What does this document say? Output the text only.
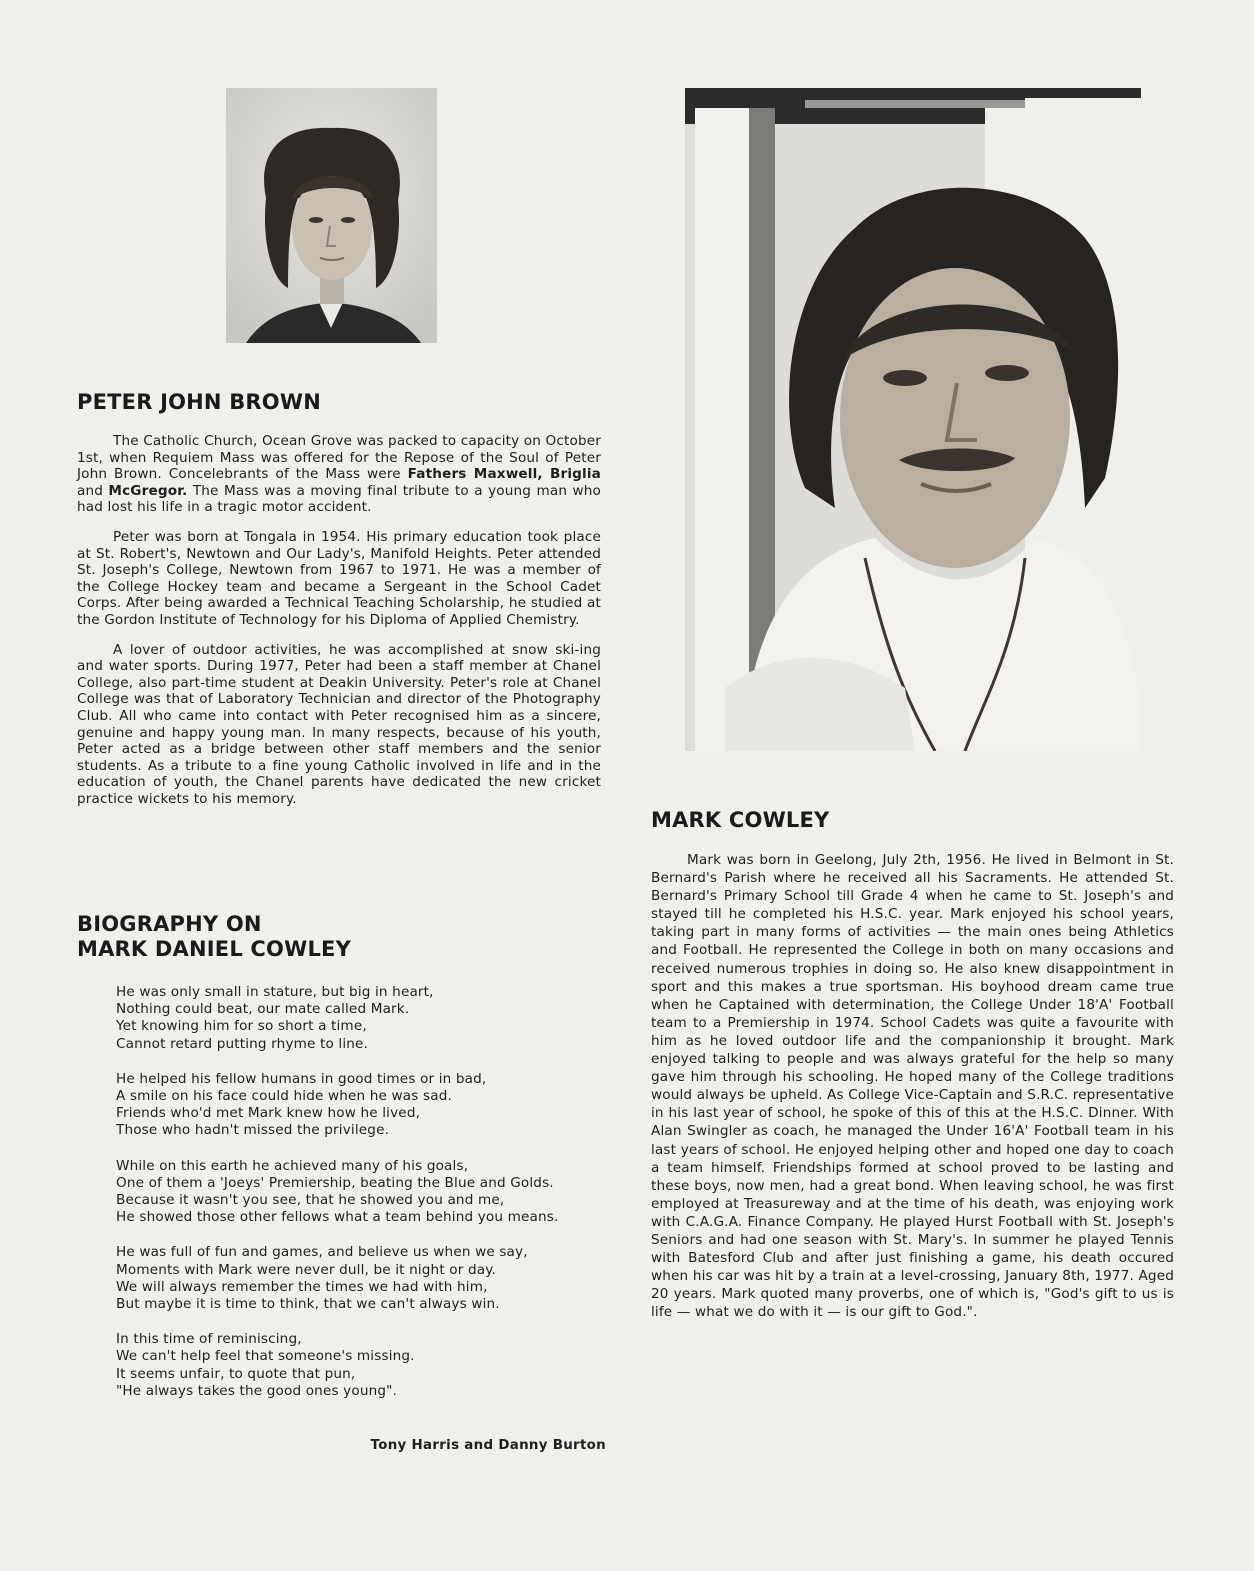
PETER JOHN BROWN

The Catholic Church, Ocean Grove was packed to capacity on October 1st, when Requiem Mass was offered for the Repose of the Soul of Peter John Brown. Concelebrants of the Mass were Fathers Maxwell, Briglia and McGregor. The Mass was a moving final tribute to a young man who had lost his life in a tragic motor accident.

Peter was born at Tongala in 1954. His primary education took place at St. Robert's, Newtown and Our Lady's, Manifold Heights. Peter attended St. Joseph's College, Newtown from 1967 to 1971. He was a member of the College Hockey team and became a Sergeant in the School Cadet Corps. After being awarded a Technical Teaching Scholarship, he studied at the Gordon Institute of Technology for his Diploma of Applied Chemistry.

A lover of outdoor activities, he was accomplished at snow ski-ing and water sports. During 1977, Peter had been a staff member at Chanel College, also part-time student at Deakin University. Peter's role at Chanel College was that of Laboratory Technician and director of the Photography Club. All who came into contact with Peter recognised him as a sincere, genuine and happy young man. In many respects, because of his youth, Peter acted as a bridge between other staff members and the senior students. As a tribute to a fine young Catholic involved in life and in the education of youth, the Chanel parents have dedicated the new cricket practice wickets to his memory.

BIOGRAPHY ON
MARK DANIEL COWLEY
He was only small in stature, but big in heart,
Nothing could beat, our mate called Mark.
Yet knowing him for so short a time,
Cannot retard putting rhyme to line.
He helped his fellow humans in good times or in bad,
A smile on his face could hide when he was sad.
Friends who'd met Mark knew how he lived,
Those who hadn't missed the privilege.
While on this earth he achieved many of his goals,
One of them a 'Joeys' Premiership, beating the Blue and Golds.
Because it wasn't you see, that he showed you and me,
He showed those other fellows what a team behind you means.
He was full of fun and games, and believe us when we say,
Moments with Mark were never dull, be it night or day.
We will always remember the times we had with him,
But maybe it is time to think, that we can't always win.
In this time of reminiscing,
We can't help feel that someone's missing.
It seems unfair, to quote that pun,
"He always takes the good ones young".
Tony Harris and Danny Burton
MARK COWLEY

Mark was born in Geelong, July 2th, 1956. He lived in Belmont in St. Bernard's Parish where he received all his Sacraments. He attended St. Bernard's Primary School till Grade 4 when he came to St. Joseph's and stayed till he completed his H.S.C. year. Mark enjoyed his school years, taking part in many forms of activities — the main ones being Athletics and Football. He represented the College in both on many occasions and received numerous trophies in doing so. He also knew disappointment in sport and this makes a true sportsman. His boyhood dream came true when he Captained with determination, the College Under 18'A' Football team to a Premiership in 1974. School Cadets was quite a favourite with him as he loved outdoor life and the companionship it brought. Mark enjoyed talking to people and was always grateful for the help so many gave him through his schooling. He hoped many of the College traditions would always be upheld. As College Vice-Captain and S.R.C. representative in his last year of school, he spoke of this of this at the H.S.C. Dinner. With Alan Swingler as coach, he managed the Under 16'A' Football team in his last years of school. He enjoyed helping other and hoped one day to coach a team himself. Friendships formed at school proved to be lasting and these boys, now men, had a great bond. When leaving school, he was first employed at Treasureway and at the time of his death, was enjoying work with C.A.G.A. Finance Company. He played Hurst Football with St. Joseph's Seniors and had one season with St. Mary's. In summer he played Tennis with Batesford Club and after just finishing a game, his death occured when his car was hit by a train at a level-crossing, January 8th, 1977. Aged 20 years. Mark quoted many proverbs, one of which is, "God's gift to us is life — what we do with it — is our gift to God.".
